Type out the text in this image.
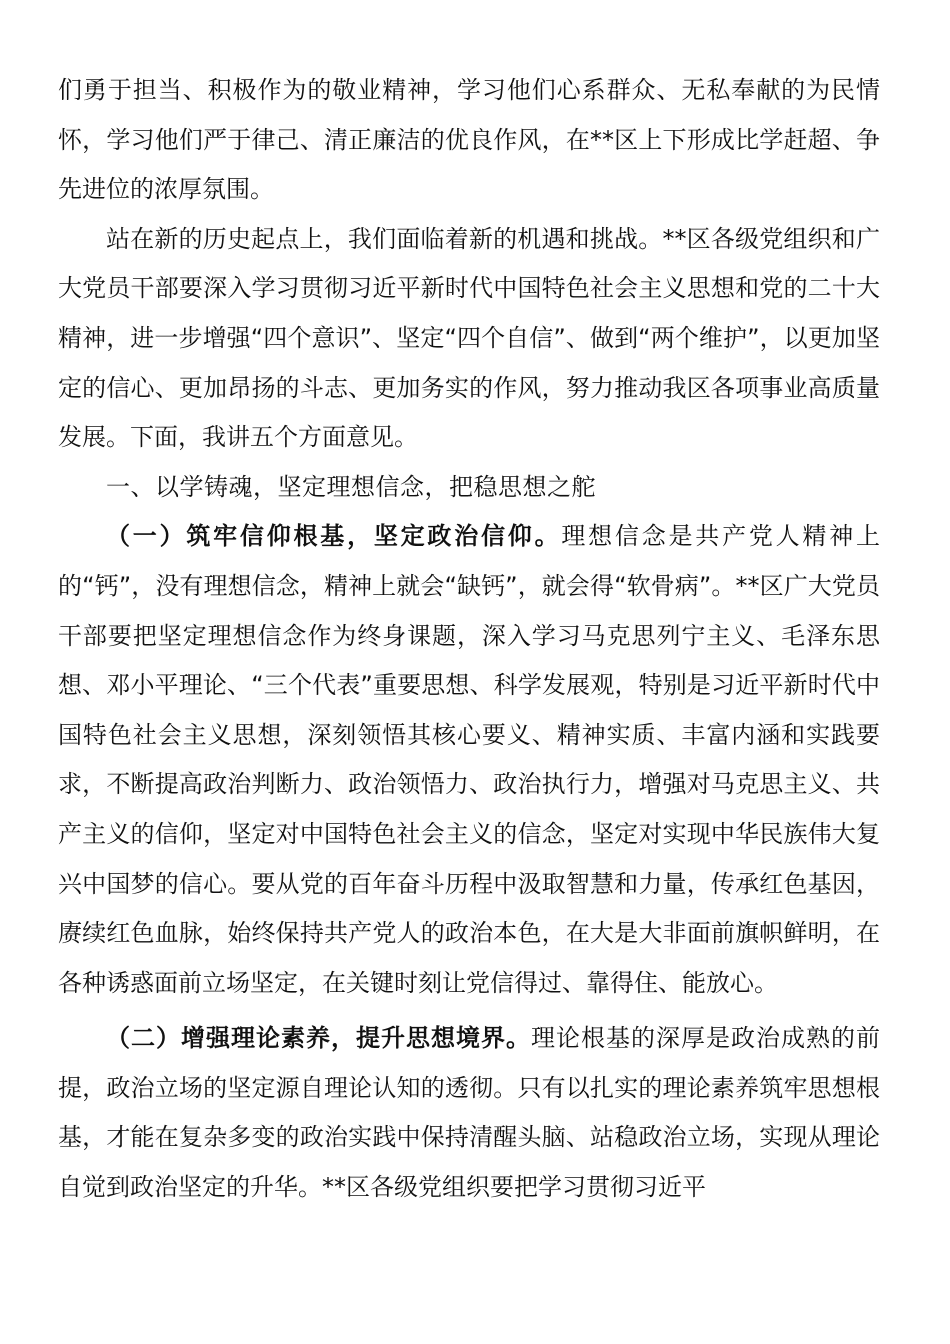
们勇于担当、积极作为的敬业精神，学习他们心系群众、无私奉献的为民情怀，学习他们严于律己、清正廉洁的优良作风，在**区上下形成比学赶超、争先进位的浓厚氛围。

站在新的历史起点上，我们面临着新的机遇和挑战。**区各级党组织和广大党员干部要深入学习贯彻习近平新时代中国特色社会主义思想和党的二十大精神，进一步增强“四个意识”、坚定“四个自信”、做到“两个维护”，以更加坚定的信心、更加昂扬的斗志、更加务实的作风，努力推动我区各项事业高质量发展。下面，我讲五个方面意见。

一、以学铸魂，坚定理想信念，把稳思想之舵

（一）筑牢信仰根基，坚定政治信仰。理想信念是共产党人精神上的“钙”，没有理想信念，精神上就会“缺钙”，就会得“软骨病”。**区广大党员干部要把坚定理想信念作为终身课题，深入学习马克思列宁主义、毛泽东思想、邓小平理论、“三个代表”重要思想、科学发展观，特别是习近平新时代中国特色社会主义思想，深刻领悟其核心要义、精神实质、丰富内涵和实践要求，不断提高政治判断力、政治领悟力、政治执行力，增强对马克思主义、共产主义的信仰，坚定对中国特色社会主义的信念，坚定对实现中华民族伟大复兴中国梦的信心。要从党的百年奋斗历程中汲取智慧和力量，传承红色基因，赓续红色血脉，始终保持共产党人的政治本色，在大是大非面前旗帜鲜明，在各种诱惑面前立场坚定，在关键时刻让党信得过、靠得住、能放心。

（二）增强理论素养，提升思想境界。理论根基的深厚是政治成熟的前提，政治立场的坚定源自理论认知的透彻。只有以扎实的理论素养筑牢思想根基，才能在复杂多变的政治实践中保持清醒头脑、站稳政治立场，实现从理论自觉到政治坚定的升华。**区各级党组织要把学习贯彻习近平
